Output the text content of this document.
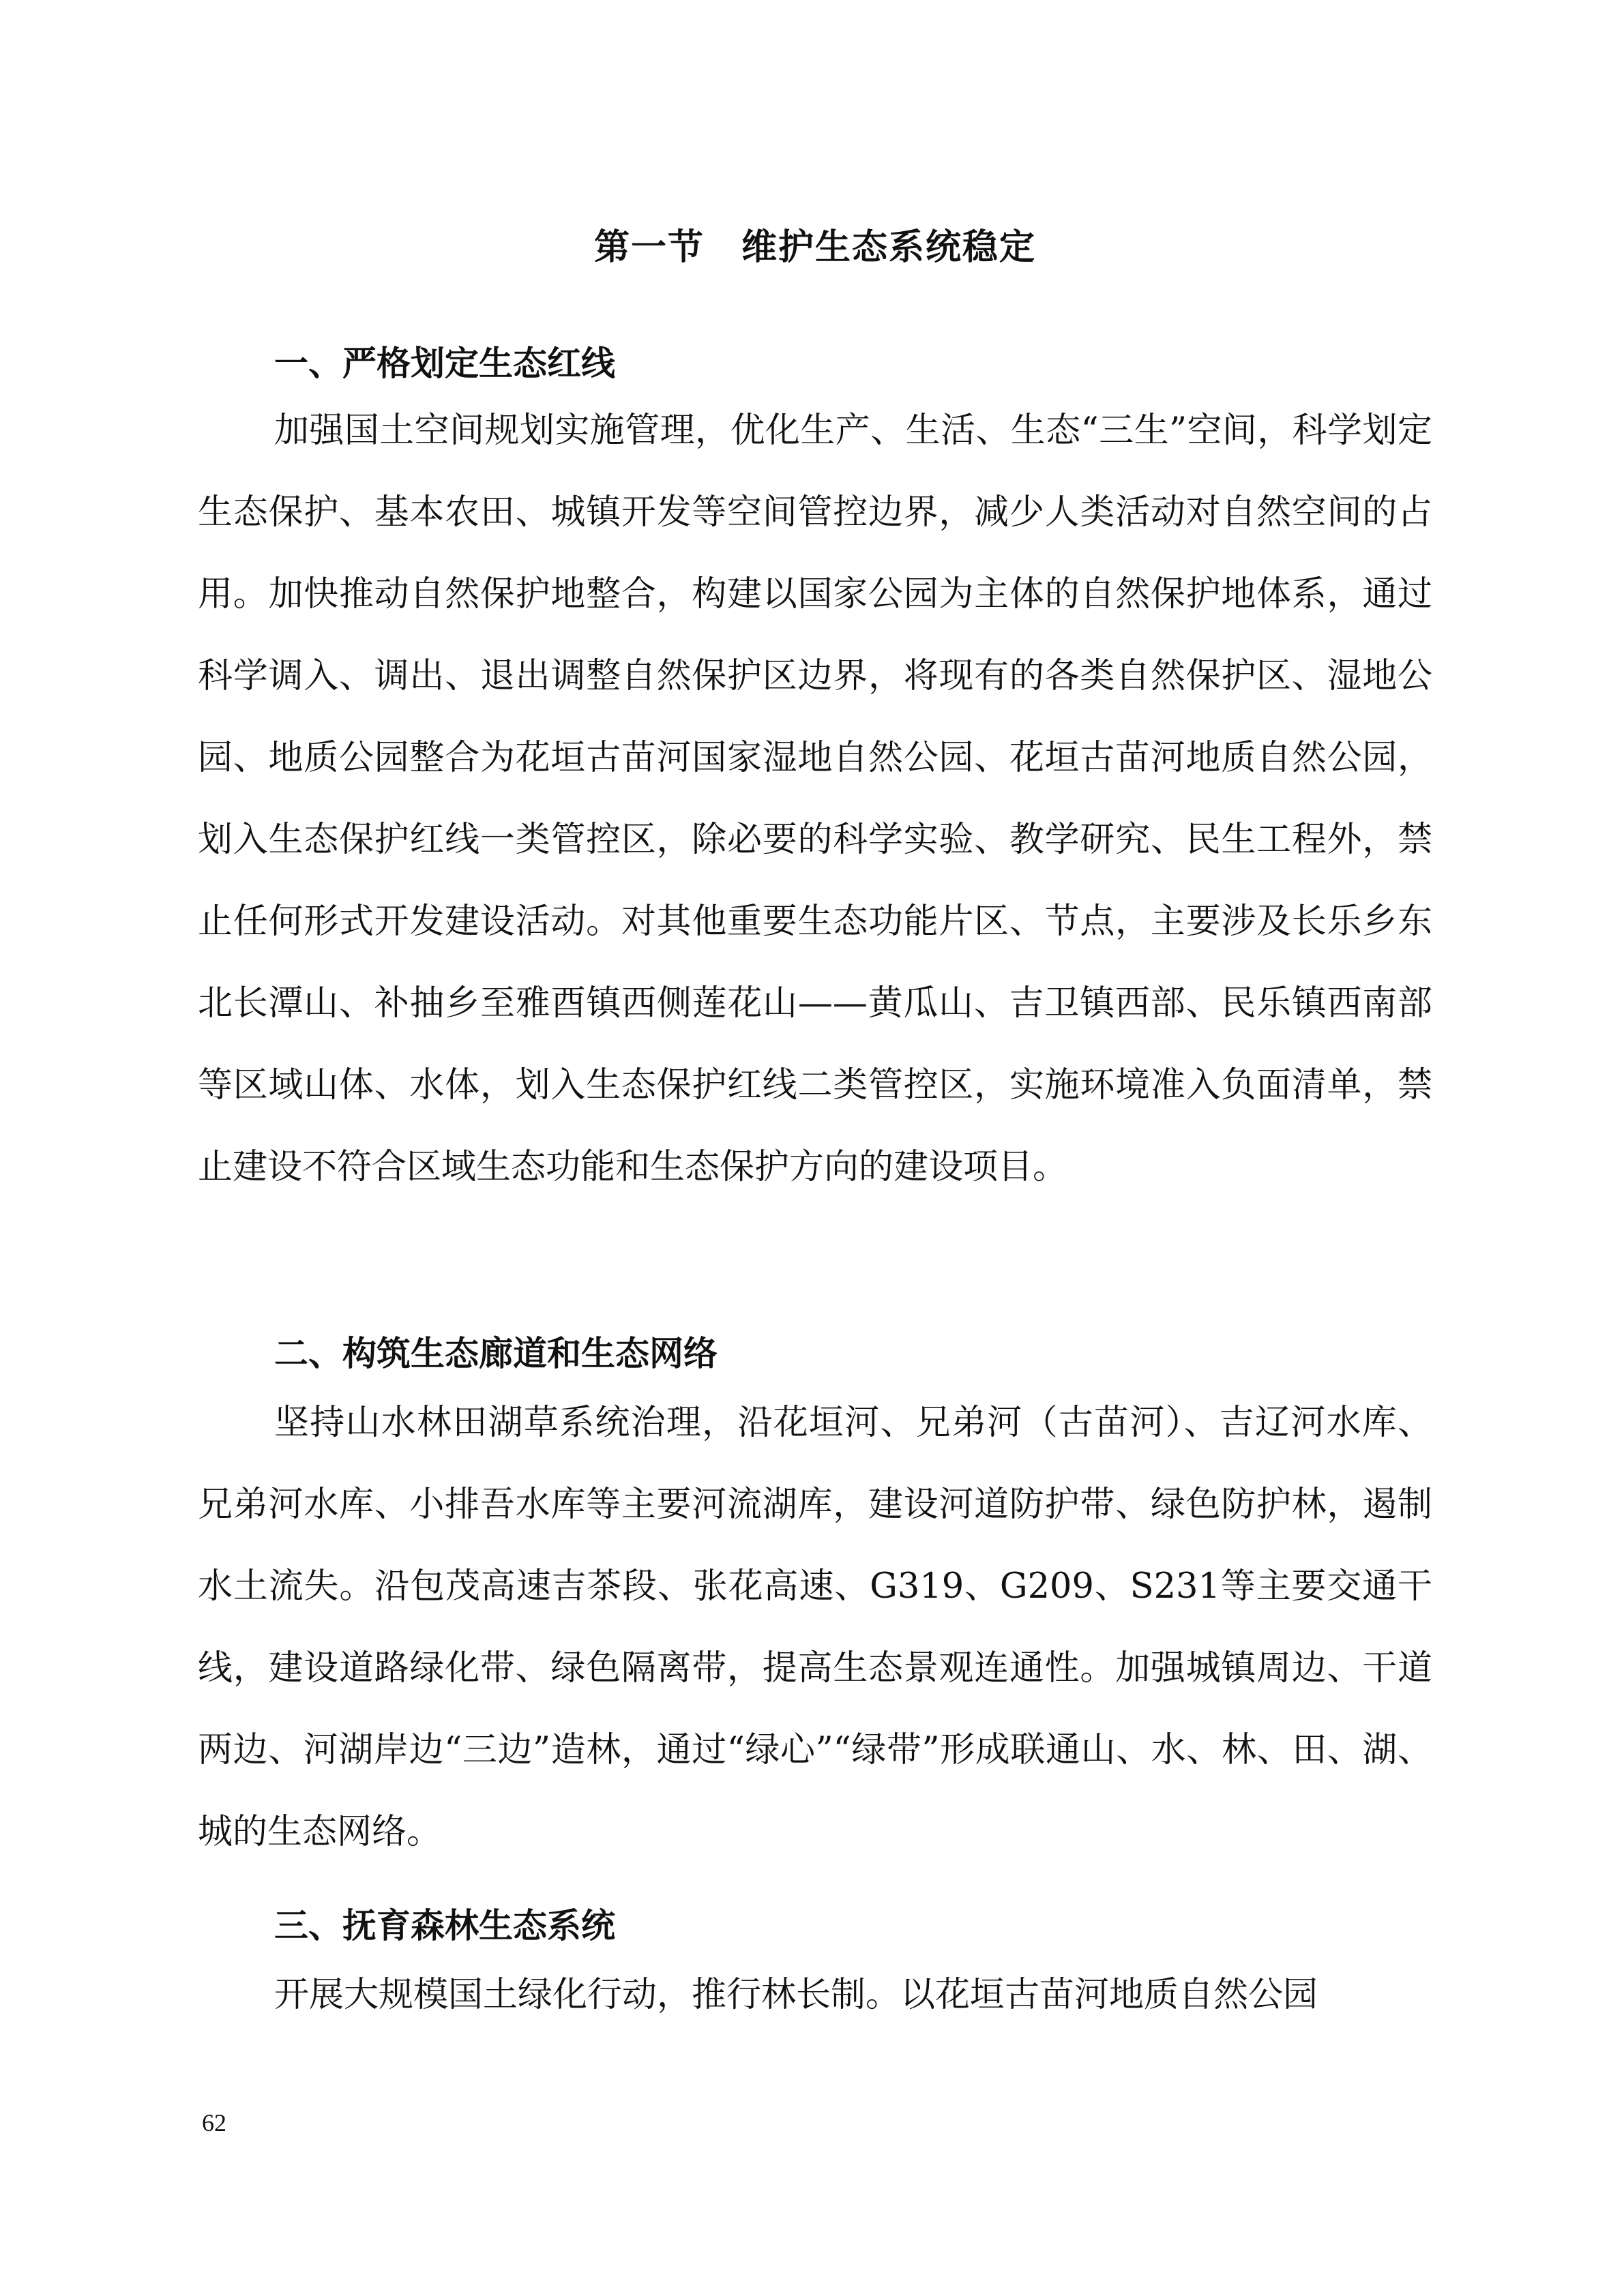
第一节　维护生态系统稳定
一、严格划定生态红线

加强国土空间规划实施管理，优化生产、生活、生态“三生”空间，科学划定生态保护、基本农田、城镇开发等空间管控边界，减少人类活动对自然空间的占用。加快推动自然保护地整合，构建以国家公园为主体的自然保护地体系，通过科学调入、调出、退出调整自然保护区边界，将现有的各类自然保护区、湿地公园、地质公园整合为花垣古苗河国家湿地自然公园、花垣古苗河地质自然公园，划入生态保护红线一类管控区，除必要的科学实验、教学研究、民生工程外，禁止任何形式开发建设活动。对其他重要生态功能片区、节点，主要涉及长乐乡东北长潭山、补抽乡至雅酉镇西侧莲花山——黄瓜山、吉卫镇西部、民乐镇西南部等区域山体、水体，划入生态保护红线二类管控区，实施环境准入负面清单，禁止建设不符合区域生态功能和生态保护方向的建设项目。

二、构筑生态廊道和生态网络

坚持山水林田湖草系统治理，沿花垣河、兄弟河（古苗河）、吉辽河水库、兄弟河水库、小排吾水库等主要河流湖库，建设河道防护带、绿色防护林，遏制水土流失。沿包茂高速吉茶段、张花高速、G319、G209、S231等主要交通干线，建设道路绿化带、绿色隔离带，提高生态景观连通性。加强城镇周边、干道两边、河湖岸边“三边”造林，通过“绿心”“绿带”形成联通山、水、林、田、湖、城的生态网络。

三、抚育森林生态系统

开展大规模国土绿化行动，推行林长制。以花垣古苗河地质自然公园

62
